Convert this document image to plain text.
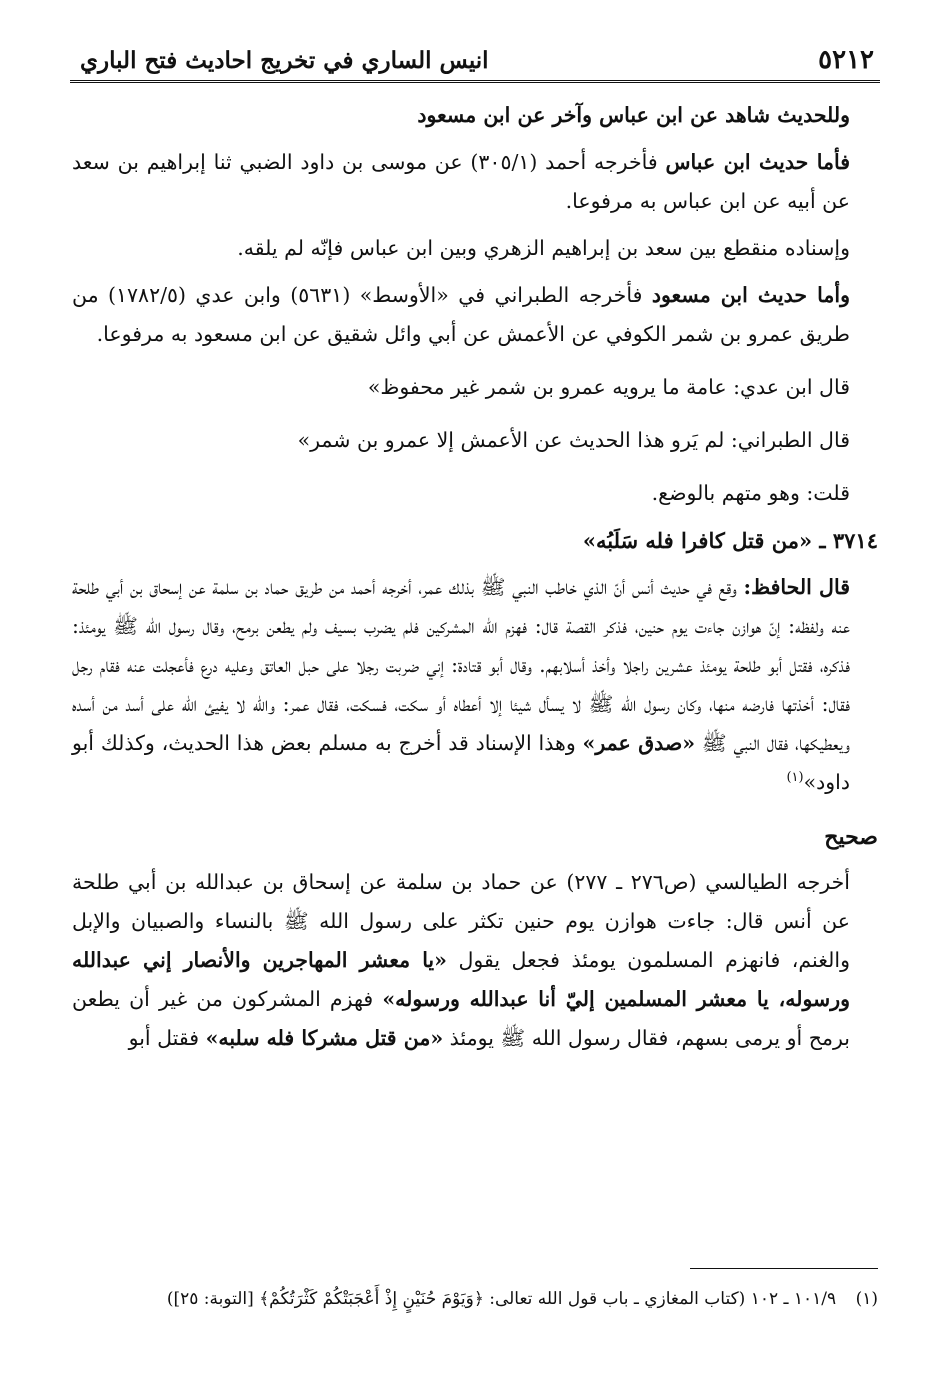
٥٢١٢
انيس الساري في تخريج احاديث فتح الباري

وللحديث شاهد عن ابن عباس وآخر عن ابن مسعود

فأما حديث ابن عباس فأخرجه أحمد (٣٠٥/١) عن موسى بن داود الضبي ثنا إبراهيم بن سعد عن أبيه عن ابن عباس به مرفوعا.

وإسناده منقطع بين سعد بن إبراهيم الزهري وبين ابن عباس فإنّه لم يلقه.

وأما حديث ابن مسعود فأخرجه الطبراني في «الأوسط» (٥٦٣١) وابن عدي (١٧٨٢/٥) من طريق عمرو بن شمر الكوفي عن الأعمش عن أبي وائل شقيق عن ابن مسعود به مرفوعا.

قال ابن عدي: عامة ما يرويه عمرو بن شمر غير محفوظ»

قال الطبراني: لم يَرو هذا الحديث عن الأعمش إلا عمرو بن شمر»

قلت: وهو متهم بالوضع.

٣٧١٤ ـ «من قتل كافرا فله سَلَبُه»

قال الحافظ: وقع في حديث أنس أنّ الذي خاطب النبي ﷺ بذلك عمر، أخرجه أحمد من طريق حماد بن سلمة عن إسحاق بن أبي طلحة عنه ولفظه: إنّ هوازن جاءت يوم حنين، فذكر القصة قال: فهزم الله المشركين فلم يضرب بسيف ولم يطعن برمح، وقال رسول الله ﷺ يومئذ: فذكره، فقتل أبو طلحة يومئذ عشرين راجلا وأخذ أسلابهم. وقال أبو قتادة: إني ضربت رجلا على حبل العاتق وعليه درع فأعجلت عنه فقام رجل فقال: أخذتها فارضه منها، وكان رسول الله ﷺ لا يسأل شيئا إلا أعطاه أو سكت، فسكت، فقال عمر: والله لا يفيئ الله على أسد من أسده ويعطيكها، فقال النبي ﷺ «صدق عمر» وهذا الإسناد قد أخرج به مسلم بعض هذا الحديث، وكذلك أبو داود»$^{(١)}$

صحيح

أخرجه الطيالسي (ص٢٧٦ ـ ٢٧٧) عن حماد بن سلمة عن إسحاق بن عبدالله بن أبي طلحة عن أنس قال: جاءت هوازن يوم حنين تكثر على رسول الله ﷺ بالنساء والصبيان والإبل والغنم، فانهزم المسلمون يومئذ فجعل يقول «يا معشر المهاجرين والأنصار إني عبدالله ورسوله، يا معشر المسلمين إليّ أنا عبدالله ورسوله» فهزم المشركون من غير أن يطعن برمح أو يرمى بسهم، فقال رسول الله ﷺ يومئذ «من قتل مشركا فله سلبه» فقتل أبو

(١) ١٠١/٩ ـ ١٠٢ (كتاب المغازي ـ باب قول الله تعالى: ﴿وَيَوْمَ حُنَيْنٍ إِذْ أَعْجَبَتْكُمْ كَثْرَتُكُمْ﴾ [التوبة: ٢٥])
